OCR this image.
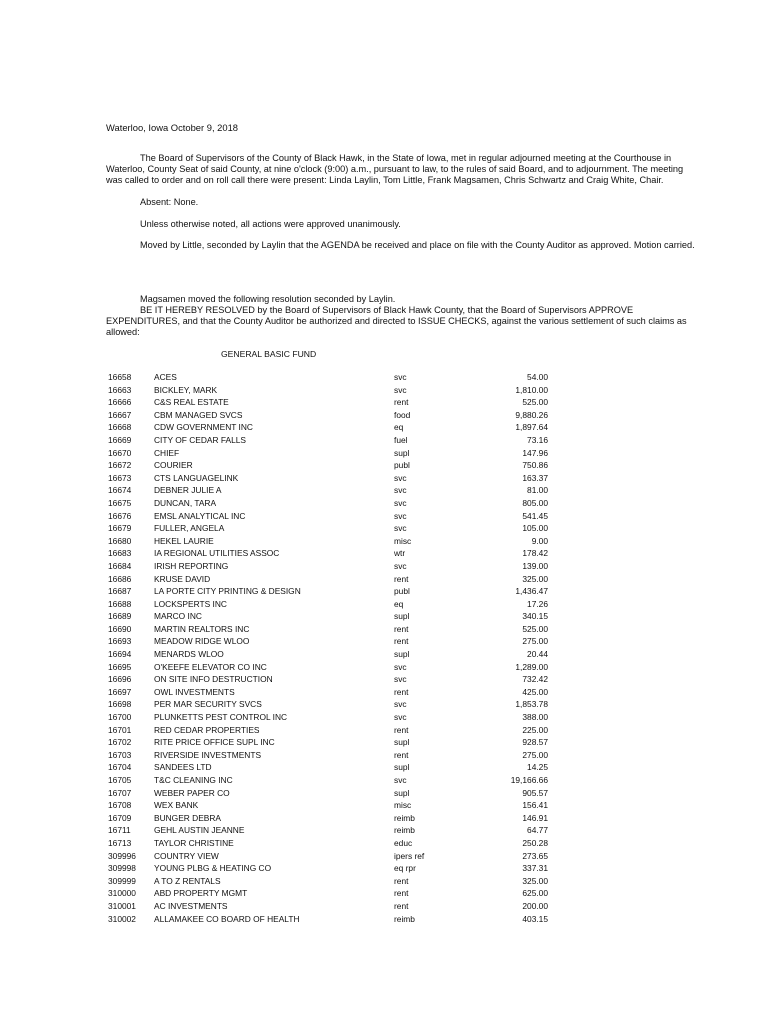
Waterloo, Iowa October 9, 2018
The Board of Supervisors of the County of Black Hawk, in the State of Iowa, met in regular adjourned meeting at the Courthouse in Waterloo, County Seat of said County, at nine o'clock (9:00) a.m., pursuant to law, to the rules of said Board, and to adjournment. The meeting was called to order and on roll call there were present: Linda Laylin, Tom Little, Frank Magsamen, Chris Schwartz and Craig White, Chair.
Absent: None.
Unless otherwise noted, all actions were approved unanimously.
Moved by Little, seconded by Laylin that the AGENDA be received and place on file with the County Auditor as approved. Motion carried.
Magsamen moved the following resolution seconded by Laylin.
BE IT HEREBY RESOLVED by the Board of Supervisors of Black Hawk County, that the Board of Supervisors APPROVE EXPENDITURES, and that the County Auditor be authorized and directed to ISSUE CHECKS, against the various settlement of such claims as allowed:
GENERAL BASIC FUND
16658	ACES	svc	54.00
16663	BICKLEY, MARK	svc	1,810.00
16666	C&S REAL ESTATE	rent	525.00
16667	CBM MANAGED SVCS	food	9,880.26
16668	CDW GOVERNMENT INC	eq	1,897.64
16669	CITY OF CEDAR FALLS	fuel	73.16
16670	CHIEF	supl	147.96
16672	COURIER	publ	750.86
16673	CTS LANGUAGELINK	svc	163.37
16674	DEBNER JULIE A	svc	81.00
16675	DUNCAN, TARA	svc	805.00
16676	EMSL ANALYTICAL INC	svc	541.45
16679	FULLER, ANGELA	svc	105.00
16680	HEKEL LAURIE	misc	9.00
16683	IA REGIONAL UTILITIES ASSOC	wtr	178.42
16684	IRISH REPORTING	svc	139.00
16686	KRUSE DAVID	rent	325.00
16687	LA PORTE CITY PRINTING & DESIGN	publ	1,436.47
16688	LOCKSPERTS INC	eq	17.26
16689	MARCO INC	supl	340.15
16690	MARTIN REALTORS INC	rent	525.00
16693	MEADOW RIDGE WLOO	rent	275.00
16694	MENARDS WLOO	supl	20.44
16695	O'KEEFE ELEVATOR CO INC	svc	1,289.00
16696	ON SITE INFO DESTRUCTION	svc	732.42
16697	OWL INVESTMENTS	rent	425.00
16698	PER MAR SECURITY SVCS	svc	1,853.78
16700	PLUNKETTS PEST CONTROL INC	svc	388.00
16701	RED CEDAR PROPERTIES	rent	225.00
16702	RITE PRICE OFFICE SUPL INC	supl	928.57
16703	RIVERSIDE INVESTMENTS	rent	275.00
16704	SANDEES LTD	supl	14.25
16705	T&C CLEANING INC	svc	19,166.66
16707	WEBER PAPER CO	supl	905.57
16708	WEX BANK	misc	156.41
16709	BUNGER DEBRA	reimb	146.91
16711	GEHL AUSTIN JEANNE	reimb	64.77
16713	TAYLOR CHRISTINE	educ	250.28
309996	COUNTRY VIEW	ipers ref	273.65
309998	YOUNG PLBG & HEATING CO	eq rpr	337.31
309999	A TO Z RENTALS	rent	325.00
310000	ABD PROPERTY MGMT	rent	625.00
310001	AC INVESTMENTS	rent	200.00
310002	ALLAMAKEE CO BOARD OF HEALTH	reimb	403.15
